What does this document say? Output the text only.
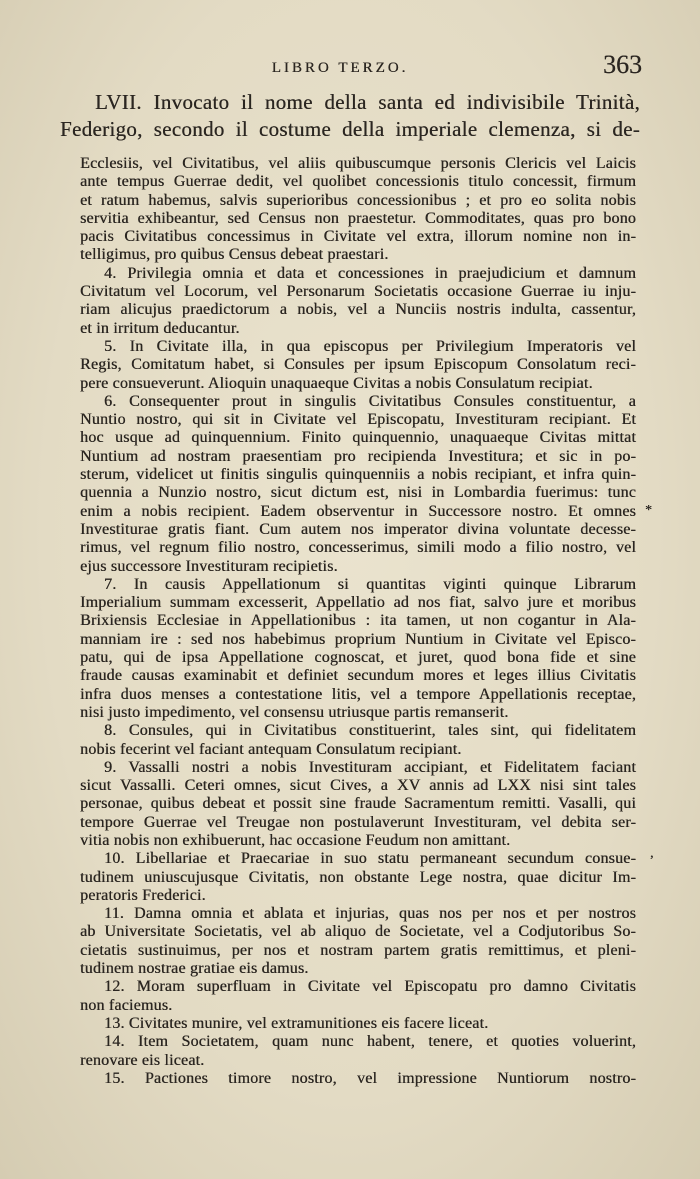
LIBRO TERZO.	363
LVII. Invocato il nome della santa ed indivisibile Trinità,
Federigo, secondo il costume della imperiale clemenza, si de-
Ecclesiis, vel Civitatibus, vel aliis quibuscumque personis Clericis vel Laicis
ante tempus Guerrae dedit, vel quolibet concessionis titulo concessit, firmum
et ratum habemus, salvis superioribus concessionibus ; et pro eo solita nobis
servitia exhibeantur, sed Census non praestetur. Commoditates, quas pro bono
pacis Civitatibus concessimus in Civitate vel extra, illorum nomine non in-
telligimus, pro quibus Census debeat praestari.
4. Privilegia omnia et data et concessiones in praejudicium et damnum
Civitatum vel Locorum, vel Personarum Societatis occasione Guerrae iu inju-
riam alicujus praedictorum a nobis, vel a Nunciis nostris indulta, cassentur,
et in irritum deducantur.
5. In Civitate illa, in qua episcopus per Privilegium Imperatoris vel
Regis, Comitatum habet, si Consules per ipsum Episcopum Consolatum reci-
pere consueverunt. Alioquin unaquaeque Civitas a nobis Consulatum recipiat.
6. Consequenter prout in singulis Civitatibus Consules constituentur, a
Nuntio nostro, qui sit in Civitate vel Episcopatu, Investituram recipiant. Et
hoc usque ad quinquennium. Finito quinquennio, unaquaeque Civitas mittat
Nuntium ad nostram praesentiam pro recipienda Investitura; et sic in po-
sterum, videlicet ut finitis singulis quinquenniis a nobis recipiant, et infra quin-
quennia a Nunzio nostro, sicut dictum est, nisi in Lombardia fuerimus: tunc
enim a nobis recipient. Eadem observentur in Successore nostro. Et omnes
Investiturae gratis fiant. Cum autem nos imperator divina voluntate decesse-
rimus, vel regnum filio nostro, concesserimus, simili modo a filio nostro, vel
ejus successore Investituram recipietis.
7. In causis Appellationum si quantitas viginti quinque Librarum
Imperialium summam excesserit, Appellatio ad nos fiat, salvo jure et moribus
Brixiensis Ecclesiae in Appellationibus : ita tamen, ut non cogantur in Ala-
manniam ire : sed nos habebimus proprium Nuntium in Civitate vel Episco-
patu, qui de ipsa Appellatione cognoscat, et juret, quod bona fide et sine
fraude causas examinabit et definiet secundum mores et leges illius Civitatis
infra duos menses a contestatione litis, vel a tempore Appellationis receptae,
nisi justo impedimento, vel consensu utriusque partis remanserit.
8. Consules, qui in Civitatibus constituerint, tales sint, qui fidelitatem
nobis fecerint vel faciant antequam Consulatum recipiant.
9. Vassalli nostri a nobis Investituram accipiant, et Fidelitatem faciant
sicut Vassalli. Ceteri omnes, sicut Cives, a XV annis ad LXX nisi sint tales
personae, quibus debeat et possit sine fraude Sacramentum remitti. Vasalli, qui
tempore Guerrae vel Treugae non postulaverunt Investituram, vel debita ser-
vitia nobis non exhibuerunt, hac occasione Feudum non amittant.
10. Libellariae et Praecariae in suo statu permaneant secundum consue-
tudinem uniuscujusque Civitatis, non obstante Lege nostra, quae dicitur Im-
peratoris Frederici.
11. Damna omnia et ablata et injurias, quas nos per nos et per nostros
ab Universitate Societatis, vel ab aliquo de Societate, vel a Codjutoribus So-
cietatis sustinuimus, per nos et nostram partem gratis remittimus, et pleni-
tudinem nostrae gratiae eis damus.
12. Moram superfluam in Civitate vel Episcopatu pro damno Civitatis
non faciemus.
13. Civitates munire, vel extramunitiones eis facere liceat.
14. Item Societatem, quam nunc habent, tenere, et quoties voluerint,
renovare eis liceat.
15. Pactiones timore nostro, vel impressione Nuntiorum nostro-
*
,
